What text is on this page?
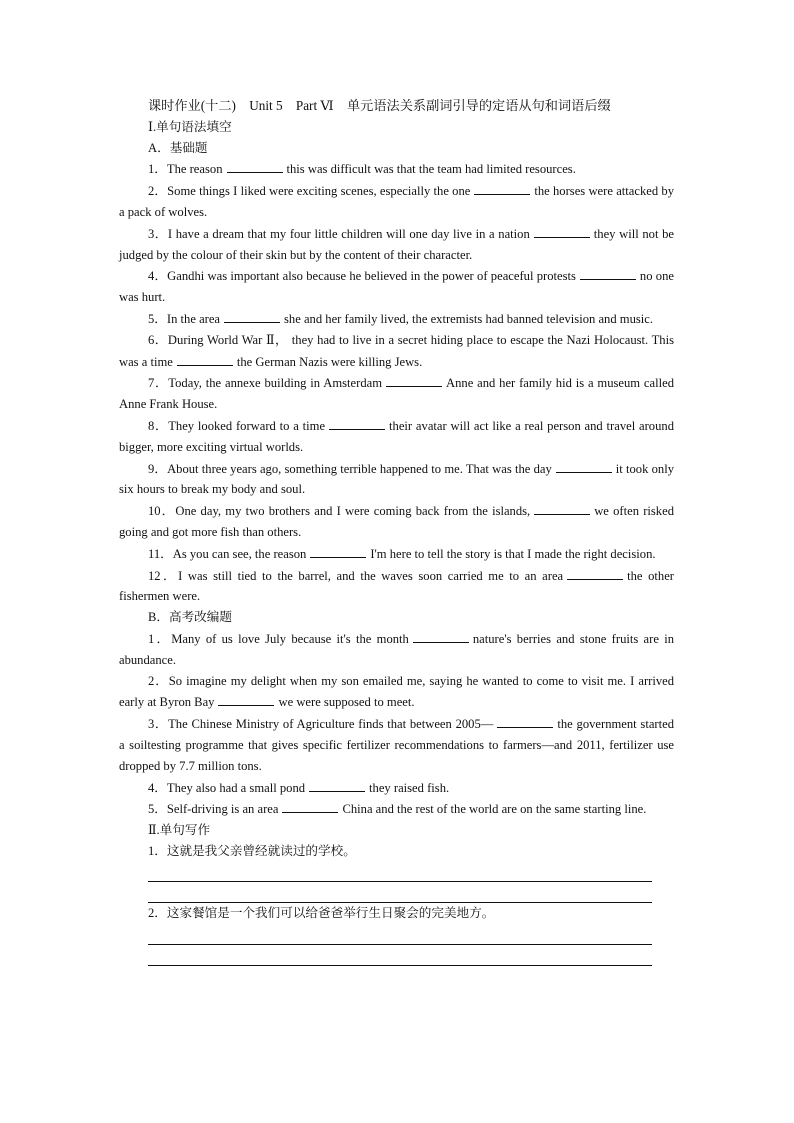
课时作业(十二) Unit 5 Part Ⅵ 单元语法关系副词引导的定语从句和词语后缀
Ⅰ.单句语法填空
A．基础题

1．The reason	this was difficult was that the team had limited resources.

2．Some things I liked were exciting scenes, especially the one	the horses were attacked by a pack of wolves.

3．I have a dream that my four little children will one day live in a nation	they will not be judged by the colour of their skin but by the content of their character.

4．Gandhi was important also because he believed in the power of peaceful protests	no one was hurt.

5．In the area	she and her family lived, the extremists had banned television and music.

6．During World War Ⅱ， they had to live in a secret hiding place to escape the Nazi Holocaust. This was a time	the German Nazis were killing Jews.

7．Today, the annexe building in Amsterdam	Anne and her family hid is a museum called Anne Frank House.

8．They looked forward to a time	their avatar will act like a real person and travel around bigger, more exciting virtual worlds.

9．About three years ago, something terrible happened to me. That was the day	it took only six hours to break my body and soul.

10．One day, my two brothers and I were coming back from the islands,	we often risked going and got more fish than others.

11．As you can see, the reason	I'm here to tell the story is that I made the right decision.

12．I was still tied to the barrel, and the waves soon carried me to an area	the other fishermen were.

B．高考改编题

1．Many of us love July because it's the month	nature's berries and stone fruits are in abundance.

2．So imagine my delight when my son emailed me, saying he wanted to come to visit me. I arrived early at Byron Bay	we were supposed to meet.

3．The Chinese Ministry of Agriculture finds that between 2005—	the government started a soiltesting programme that gives specific fertilizer recommendations to farmers—and 2011, fertilizer use dropped by 7.7 million tons.

4．They also had a small pond	they raised fish.

5．Self-driving is an area	China and the rest of the world are on the same starting line.

Ⅱ.单句写作
1．这就是我父亲曾经就读过的学校。
2．这家餐馆是一个我们可以给爸爸举行生日聚会的完美地方。
